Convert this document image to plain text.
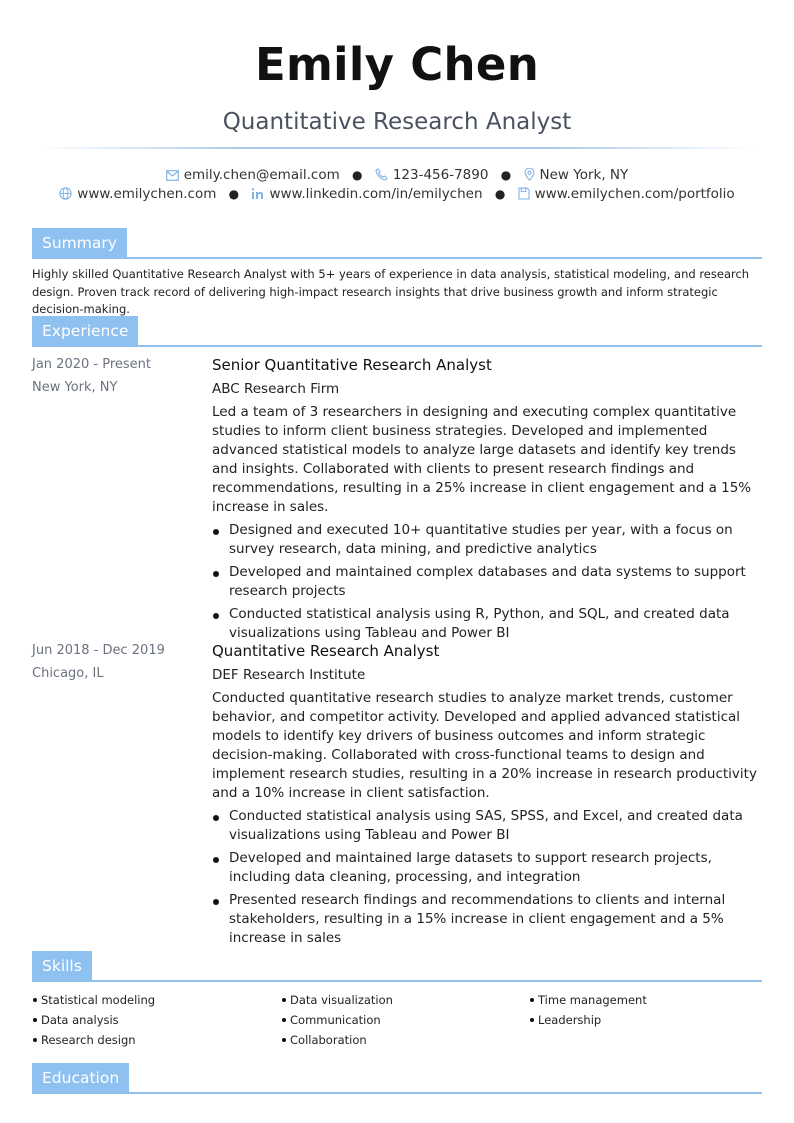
Emily Chen
Quantitative Research Analyst
emily.chen@email.com ● 123-456-7890 ● New York, NY
www.emilychen.com ● www.linkedin.com/in/emilychen ● www.emilychen.com/portfolio
Summary
Highly skilled Quantitative Research Analyst with 5+ years of experience in data analysis, statistical modeling, and research design. Proven track record of delivering high-impact research insights that drive business growth and inform strategic decision-making.
Experience
Jan 2020 - Present
New York, NY
Senior Quantitative Research Analyst
ABC Research Firm
Led a team of 3 researchers in designing and executing complex quantitative studies to inform client business strategies. Developed and implemented advanced statistical models to analyze large datasets and identify key trends and insights. Collaborated with clients to present research findings and recommendations, resulting in a 25% increase in client engagement and a 15% increase in sales.
Designed and executed 10+ quantitative studies per year, with a focus on survey research, data mining, and predictive analytics
Developed and maintained complex databases and data systems to support research projects
Conducted statistical analysis using R, Python, and SQL, and created data visualizations using Tableau and Power BI
Jun 2018 - Dec 2019
Chicago, IL
Quantitative Research Analyst
DEF Research Institute
Conducted quantitative research studies to analyze market trends, customer behavior, and competitor activity. Developed and applied advanced statistical models to identify key drivers of business outcomes and inform strategic decision-making. Collaborated with cross-functional teams to design and implement research studies, resulting in a 20% increase in research productivity and a 10% increase in client satisfaction.
Conducted statistical analysis using SAS, SPSS, and Excel, and created data visualizations using Tableau and Power BI
Developed and maintained large datasets to support research projects, including data cleaning, processing, and integration
Presented research findings and recommendations to clients and internal stakeholders, resulting in a 15% increase in client engagement and a 5% increase in sales
Skills
Statistical modeling
Data analysis
Research design
Data visualization
Communication
Collaboration
Time management
Leadership
Education
